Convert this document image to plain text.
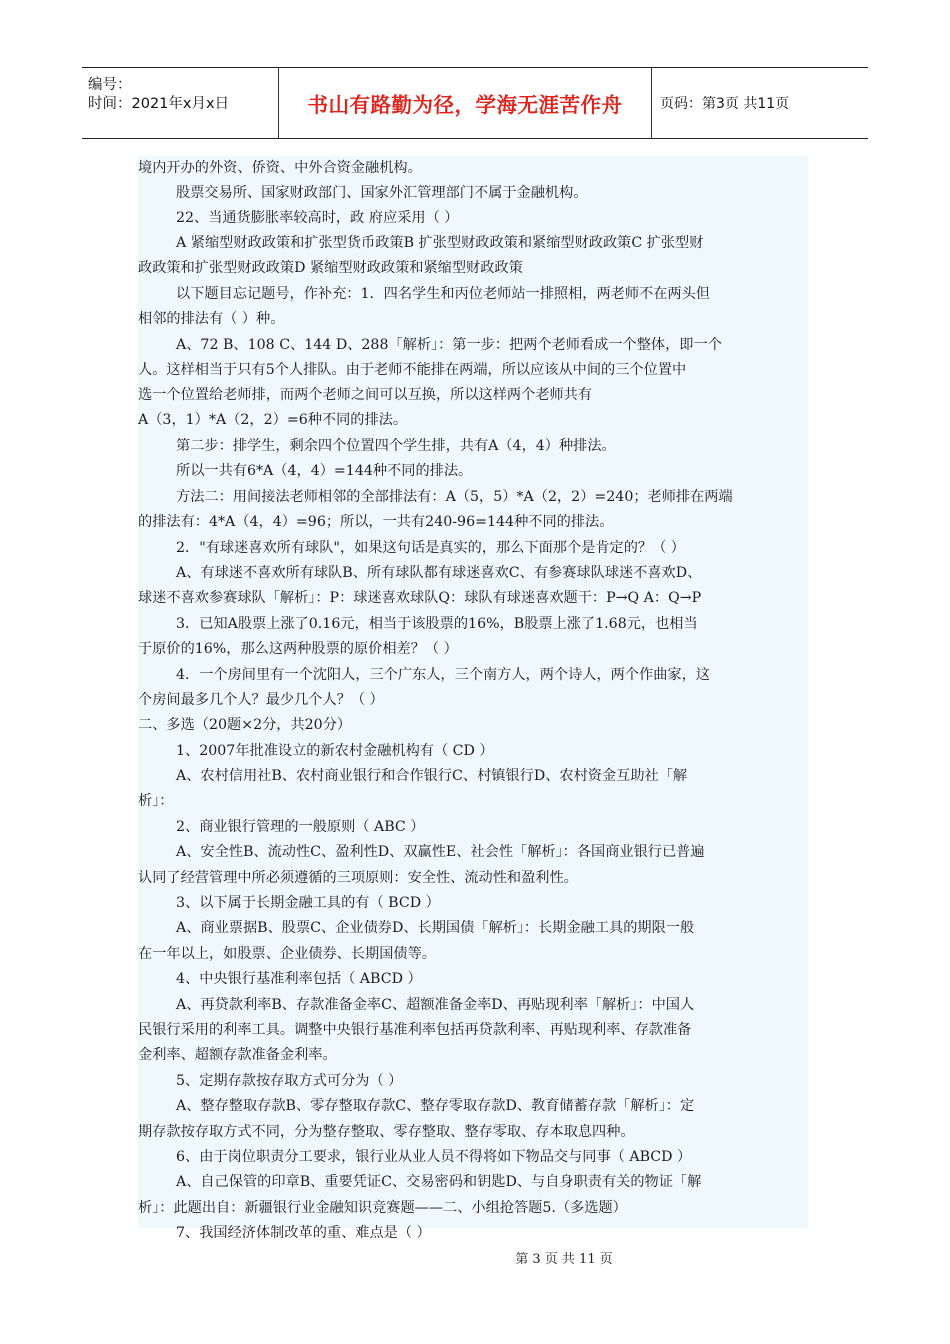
编号：
时间：2021年x月x日	书山有路勤为径，学海无涯苦作舟	页码：第3页 共11页
境内开办的外资、侨资、中外合资金融机构。
股票交易所、国家财政部门、国家外汇管理部门不属于金融机构。
22、当通货膨胀率较高时，政 府应采用（ ）
A 紧缩型财政政策和扩张型货币政策B 扩张型财政政策和紧缩型财政政策C 扩张型财
政政策和扩张型财政政策D 紧缩型财政政策和紧缩型财政政策
以下题目忘记题号，作补充：1．四名学生和丙位老师站一排照相，两老师不在两头但
相邻的排法有（ ）种。
A、72 B、108 C、144 D、288「解析」：第一步：把两个老师看成一个整体，即一个
人。这样相当于只有5个人排队。由于老师不能排在两端，所以应该从中间的三个位置中
选一个位置给老师排，而两个老师之间可以互换，所以这样两个老师共有
A（3，1）*A（2，2）=6种不同的排法。
第二步：排学生，剩余四个位置四个学生排，共有A（4，4）种排法。
所以一共有6*A（4，4）=144种不同的排法。
方法二：用间接法老师相邻的全部排法有：A（5，5）*A（2，2）=240；老师排在两端
的排法有：4*A（4，4）=96；所以，一共有240-96=144种不同的排法。
2．"有球迷喜欢所有球队"，如果这句话是真实的，那么下面那个是肯定的？（ ）
A、有球迷不喜欢所有球队B、所有球队都有球迷喜欢C、有参赛球队球迷不喜欢D、
球迷不喜欢参赛球队「解析」：P：球迷喜欢球队Q：球队有球迷喜欢题干：P→Q A：Q→P
3．已知A股票上涨了0.16元，相当于该股票的16%，B股票上涨了1.68元，也相当
于原价的16%，那么这两种股票的原价相差？（ ）
4．一个房间里有一个沈阳人，三个广东人，三个南方人，两个诗人，两个作曲家，这
个房间最多几个人？最少几个人？（ ）
二、多选（20题×2分，共20分）
1、2007年批准设立的新农村金融机构有（ CD ）
A、农村信用社B、农村商业银行和合作银行C、村镇银行D、农村资金互助社「解
析」：
2、商业银行管理的一般原则（ ABC ）
A、安全性B、流动性C、盈利性D、双赢性E、社会性「解析」：各国商业银行已普遍
认同了经营管理中所必须遵循的三项原则：安全性、流动性和盈利性。
3、以下属于长期金融工具的有（ BCD ）
A、商业票据B、股票C、企业债券D、长期国债「解析」：长期金融工具的期限一般
在一年以上，如股票、企业债券、长期国债等。
4、中央银行基准利率包括（ ABCD ）
A、再贷款利率B、存款准备金率C、超额准备金率D、再贴现利率「解析」：中国人
民银行采用的利率工具。调整中央银行基准利率包括再贷款利率、再贴现利率、存款准备
金利率、超额存款准备金利率。
5、定期存款按存取方式可分为（ ）
A、整存整取存款B、零存整取存款C、整存零取存款D、教育储蓄存款「解析」：定
期存款按存取方式不同，分为整存整取、零存整取、整存零取、存本取息四种。
6、由于岗位职责分工要求，银行业从业人员不得将如下物品交与同事（ ABCD ）
A、自己保管的印章B、重要凭证C、交易密码和钥匙D、与自身职责有关的物证「解
析」：此题出自：新疆银行业金融知识竞赛题——二、小组抢答题5.（多选题）
7、我国经济体制改革的重、难点是（ ）
第 3 页 共 11 页
